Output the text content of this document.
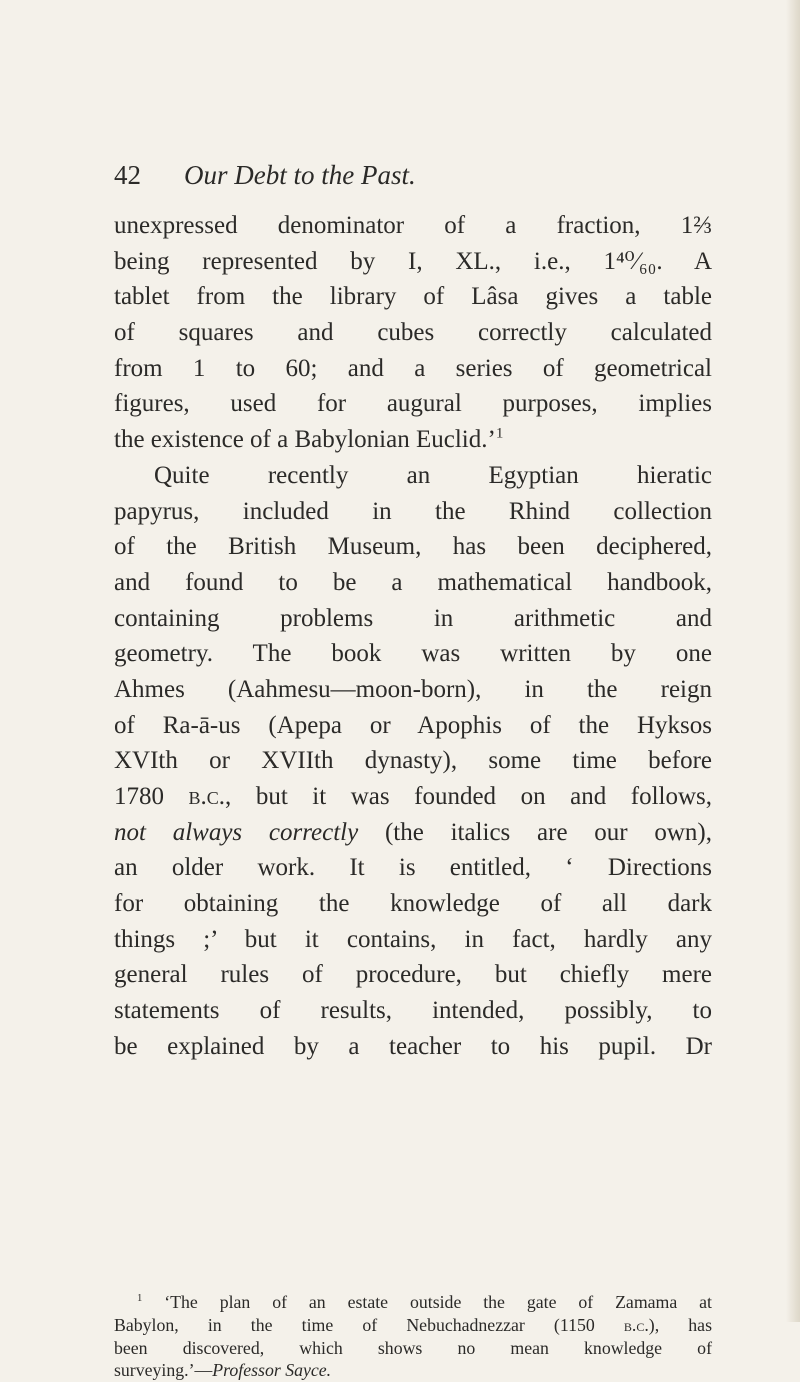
42 Our Debt to the Past.
unexpressed denominator of a fraction, 1⅔
being represented by I, XL., i.e., 1⁴⁰⁄₆₀. A
tablet from the library of Lâsa gives a table
of squares and cubes correctly calculated
from 1 to 60; and a series of geometrical
figures, used for augural purposes, implies
the existence of a Babylonian Euclid.’$^1$
Quite recently an Egyptian hieratic
papyrus, included in the Rhind collection
of the British Museum, has been deciphered,
and found to be a mathematical handbook,
containing problems in arithmetic and
geometry. The book was written by one
Ahmes (Aahmesu—moon-born), in the reign
of Ra-ā-us (Apepa or Apophis of the Hyksos
XVIth or XVIIth dynasty), some time before
1780 b.c., but it was founded on and follows,
not always correctly (the italics are our own),
an older work. It is entitled, ‘ Directions
for obtaining the knowledge of all dark
things ;’ but it contains, in fact, hardly any
general rules of procedure, but chiefly mere
statements of results, intended, possibly, to
be explained by a teacher to his pupil. Dr
$^1$ ‘The plan of an estate outside the gate of Zamama at
Babylon, in the time of Nebuchadnezzar (1150 b.c.), has
been discovered, which shows no mean knowledge of
surveying.’—Professor Sayce.
